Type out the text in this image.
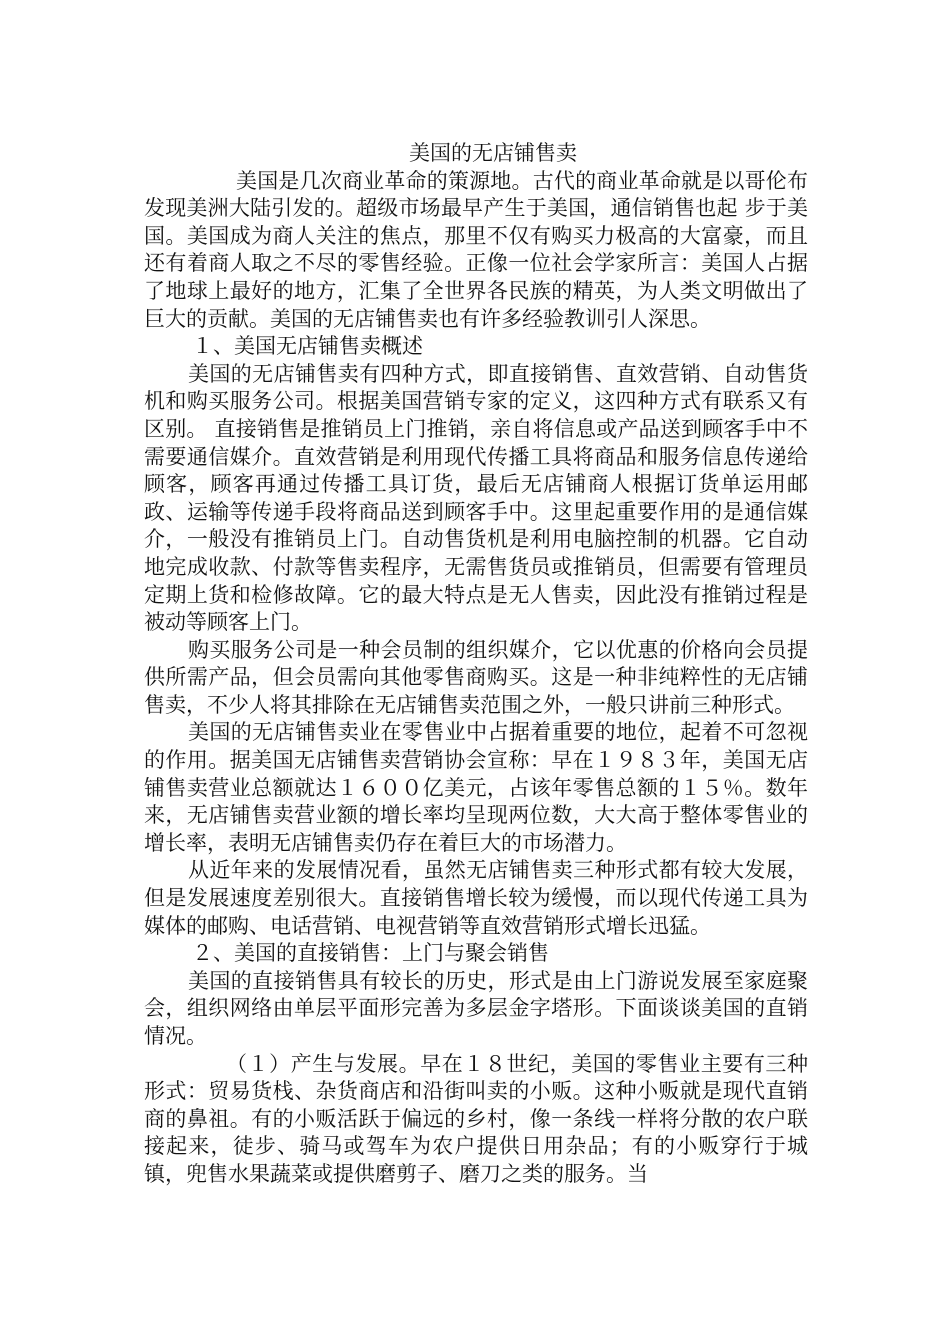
美国的无店铺售卖

美国是几次商业革命的策源地。古代的商业革命就是以哥伦布发现美洲大陆引发的。超级市场最早产生于美国，通信销售也起 步于美国。美国成为商人关注的焦点，那里不仅有购买力极高的大富豪，而且还有着商人取之不尽的零售经验。正像一位社会学家所言：美国人占据了地球上最好的地方，汇集了全世界各民族的精英，为人类文明做出了巨大的贡献。美国的无店铺售卖也有许多经验教训引人深思。

１、美国无店铺售卖概述

美国的无店铺售卖有四种方式，即直接销售、直效营销、自动售货机和购买服务公司。根据美国营销专家的定义，这四种方式有联系又有区别。 直接销售是推销员上门推销，亲自将信息或产品送到顾客手中不需要通信媒介。直效营销是利用现代传播工具将商品和服务信息传递给顾客，顾客再通过传播工具订货，最后无店铺商人根据订货单运用邮 政、运输等传递手段将商品送到顾客手中。这里起重要作用的是通信媒介，一般没有推销员上门。自动售货机是利用电脑控制的机器。它自动地完成收款、付款等售卖程序，无需售货员或推销员，但需要有管理员定期上货和检修故障。它的最大特点是无人售卖，因此没有推销过程是被动等顾客上门。

购买服务公司是一种会员制的组织媒介，它以优惠的价格向会员提供所需产品，但会员需向其他零售商购买。这是一种非纯粹性的无店铺售卖，不少人将其排除在无店铺售卖范围之外，一般只讲前三种形式。

美国的无店铺售卖业在零售业中占据着重要的地位，起着不可忽视的作用。据美国无店铺售卖营销协会宣称：早在１９８３年，美国无店铺售卖营业总额就达１６００亿美元，占该年零售总额的１５％。数年来，无店铺售卖营业额的增长率均呈现两位数，大大高于整体零售业的增长率，表明无店铺售卖仍存在着巨大的市场潜力。

从近年来的发展情况看，虽然无店铺售卖三种形式都有较大发展，但是发展速度差别很大。直接销售增长较为缓慢，而以现代传递工具为媒体的邮购、电话营销、电视营销等直效营销形式增长迅猛。

２、美国的直接销售：上门与聚会销售

美国的直接销售具有较长的历史，形式是由上门游说发展至家庭聚会，组织网络由单层平面形完善为多层金字塔形。下面谈谈美国的直销情况。

（１）产生与发展。早在１８世纪，美国的零售业主要有三种形式：贸易货栈、杂货商店和沿街叫卖的小贩。这种小贩就是现代直销商的鼻祖。有的小贩活跃于偏远的乡村，像一条线一样将分散的农户联接起来，徒步、骑马或驾车为农户提供日用杂品；有的小贩穿行于城镇，兜售水果蔬菜或提供磨剪子、磨刀之类的服务。当
